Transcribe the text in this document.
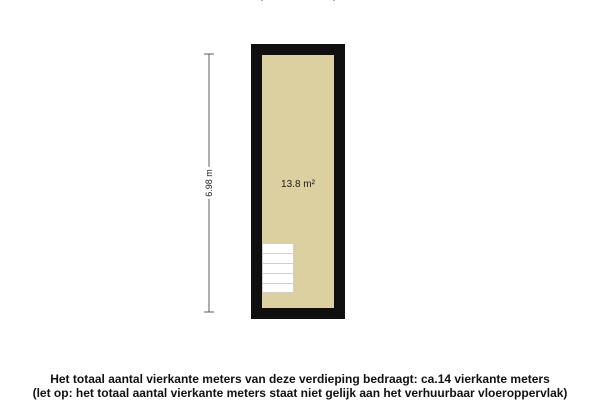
6.98 m	13.8 m²
Het totaal aantal vierkante meters van deze verdieping bedraagt: ca.14 vierkante meters
(let op: het totaal aantal vierkante meters staat niet gelijk aan het verhuurbaar vloeroppervlak)
